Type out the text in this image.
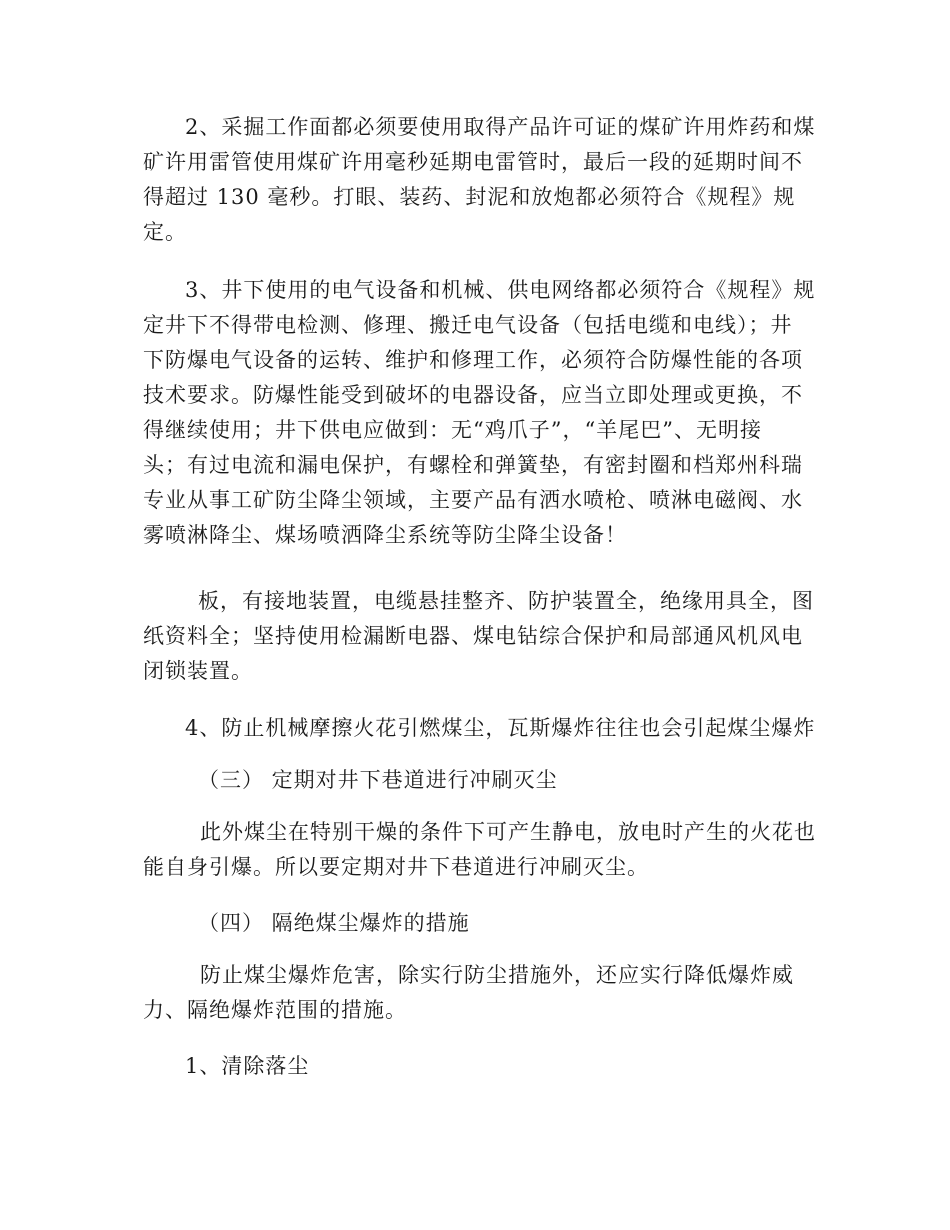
2、采掘工作面都必须要使用取得产品许可证的煤矿许用炸药和煤
矿许用雷管使用煤矿许用毫秒延期电雷管时，最后一段的延期时间不
得超过 130 毫秒。打眼、装药、封泥和放炮都必须符合《规程》规
定。
3、井下使用的电气设备和机械、供电网络都必须符合《规程》规
定井下不得带电检测、修理、搬迁电气设备（包括电缆和电线）；井
下防爆电气设备的运转、维护和修理工作，必须符合防爆性能的各项
技术要求。防爆性能受到破坏的电器设备，应当立即处理或更换，不
得继续使用；井下供电应做到：无“鸡爪子”，“羊尾巴”、无明接
头；有过电流和漏电保护，有螺栓和弹簧垫，有密封圈和档郑州科瑞
专业从事工矿防尘降尘领域，主要产品有洒水喷枪、喷淋电磁阀、水
雾喷淋降尘、煤场喷洒降尘系统等防尘降尘设备！
板，有接地装置，电缆悬挂整齐、防护装置全，绝缘用具全，图
纸资料全；坚持使用检漏断电器、煤电钻综合保护和局部通风机风电
闭锁装置。
4、防止机械摩擦火花引燃煤尘，瓦斯爆炸往往也会引起煤尘爆炸
（三） 定期对井下巷道进行冲刷灭尘
此外煤尘在特别干燥的条件下可产生静电，放电时产生的火花也
能自身引爆。所以要定期对井下巷道进行冲刷灭尘。
（四） 隔绝煤尘爆炸的措施
防止煤尘爆炸危害，除实行防尘措施外，还应实行降低爆炸威
力、隔绝爆炸范围的措施。
1、清除落尘
